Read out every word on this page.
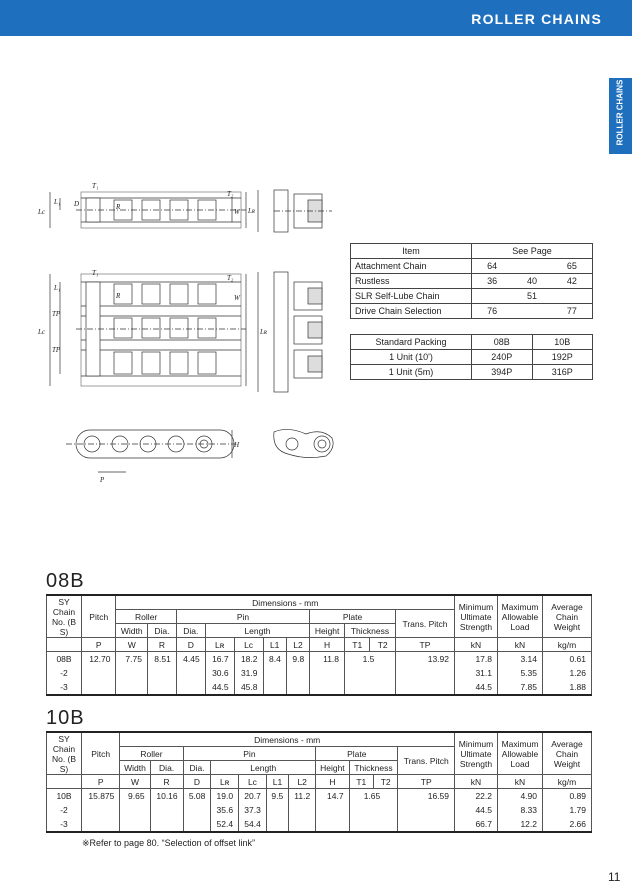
ROLLER CHAINS
ROLLER CHAINS
T₁
T₂
D	R
W
L₁
Lc	Lʀ
T₁
T₂
R	W
L₁
TP
Lc
TP
Lʀ
H
P
Item	See Page		
Attachment Chain	64		65
Rustless	36	40	42
SLR Self-Lube Chain	51		
Drive Chain Selection	76		77
Standard Packing	08B	10B
1 Unit (10')	240P	192P
1 Unit (5m)	394P	316P
08B
SY Chain No. (B S)	Pitch	Dimensions - mm											Minimum Ultimate Strength	Maximum Allowable Load	Average Chain Weight
		Roller		Pin					Plate			Trans. Pitch			
		Width	Dia.	Dia.	Length				Height	Thickness					
	P	W	R	D	Lʀ	Lc	L1	L2	H	T1	T2	TP	kN	kN	kg/m
08B	12.70	7.75	8.51	4.45	16.7	18.2	8.4	9.8	11.8	1.5		13.92	17.8	3.14	0.61
-2					30.6	31.9							31.1	5.35	1.26
-3					44.5	45.8							44.5	7.85	1.88
10B
SY Chain No. (B S)	Pitch	Dimensions - mm											Minimum Ultimate Strength	Maximum Allowable Load	Average Chain Weight
		Roller		Pin					Plate			Trans. Pitch			
		Width	Dia.	Dia.	Length				Height	Thickness					
	P	W	R	D	Lʀ	Lc	L1	L2	H	T1	T2	TP	kN	kN	kg/m
10B	15.875	9.65	10.16	5.08	19.0	20.7	9.5	11.2	14.7	1.65		16.59	22.2	4.90	0.89
-2					35.6	37.3							44.5	8.33	1.79
-3					52.4	54.4							66.7	12.2	2.66
※Refer to page 80. “Selection of offset link”
11
